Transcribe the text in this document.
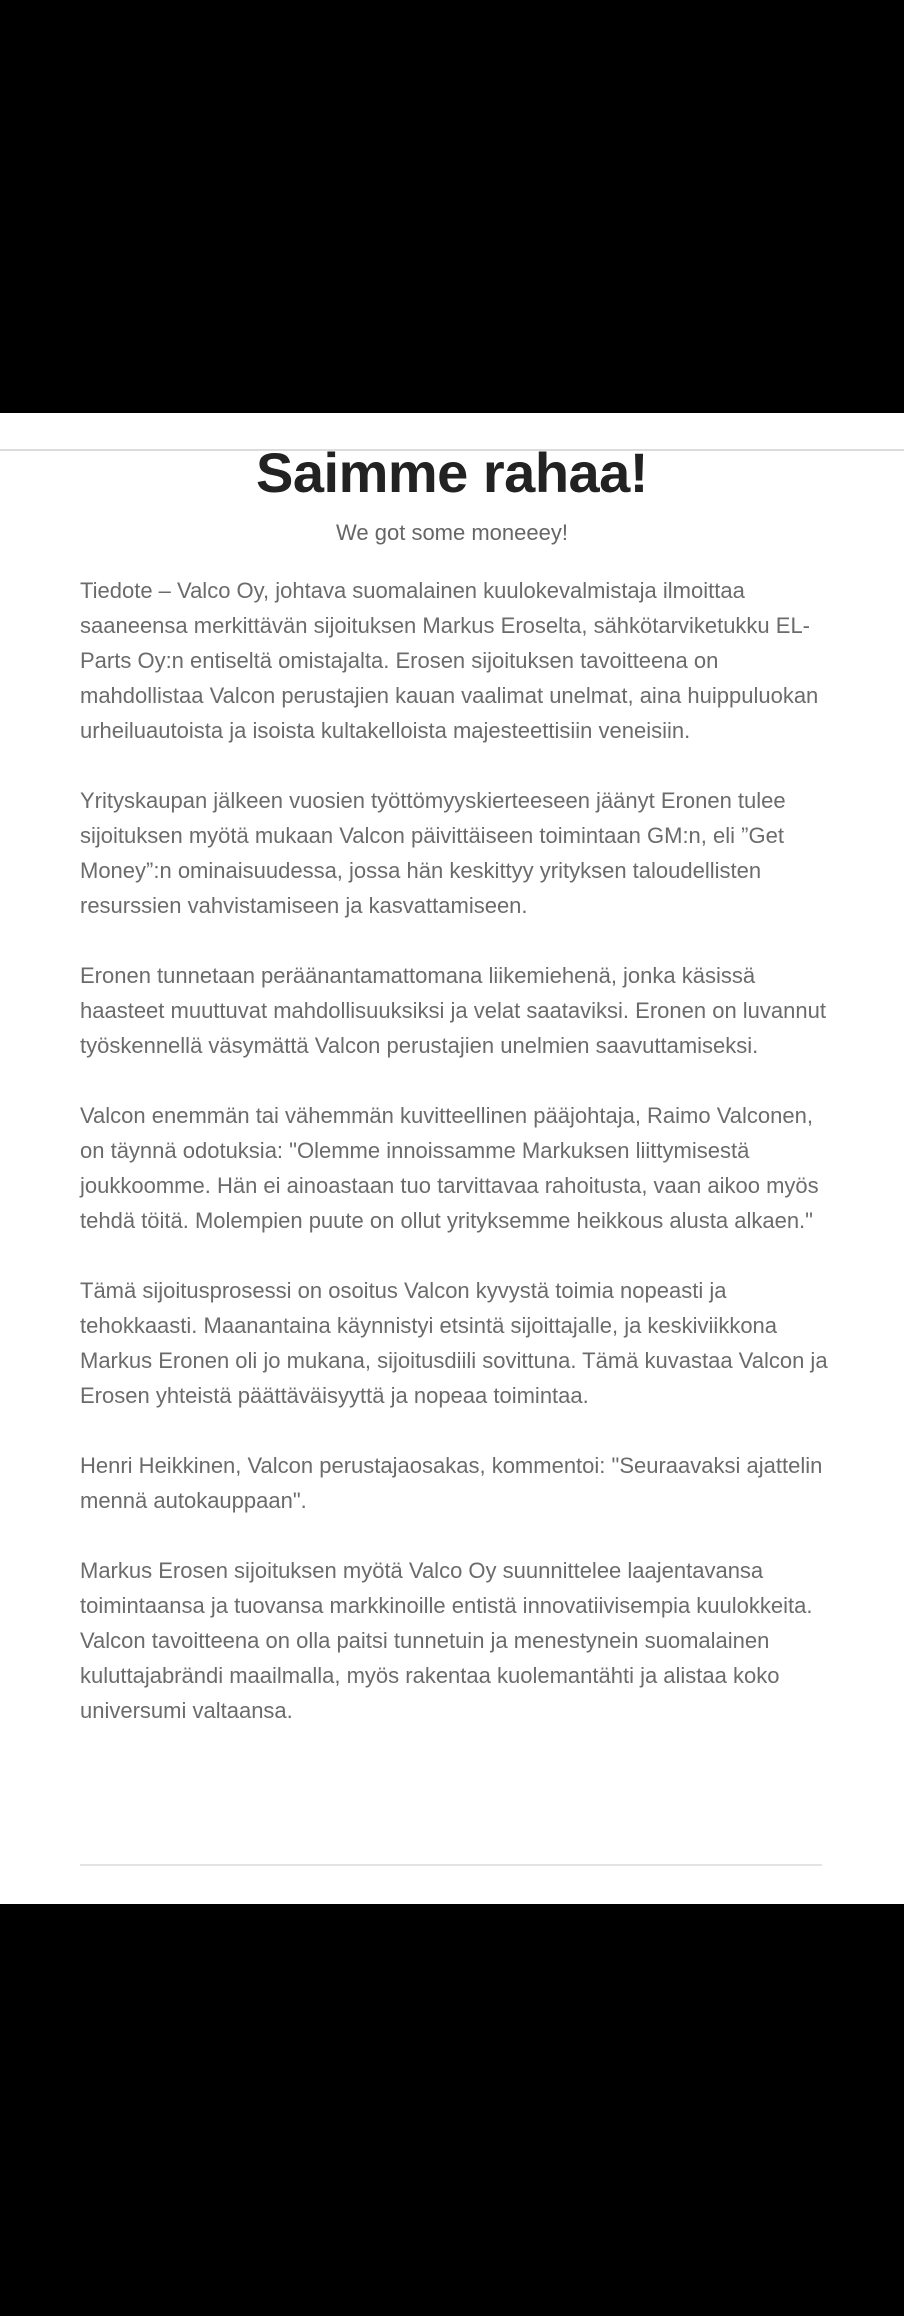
Saimme rahaa!
We got some moneeey!

Tiedote – Valco Oy, johtava suomalainen kuulokevalmistaja ilmoittaa saaneensa merkittävän sijoituksen Markus Eroselta, sähkötarviketukku EL-Parts Oy:n entiseltä omistajalta. Erosen sijoituksen tavoitteena on mahdollistaa Valcon perustajien kauan vaalimat unelmat, aina huippuluokan urheiluautoista ja isoista kultakelloista majesteettisiin veneisiin.

Yrityskaupan jälkeen vuosien työttömyyskierteeseen jäänyt Eronen tulee sijoituksen myötä mukaan Valcon päivittäiseen toimintaan GM:n, eli ”Get Money”:n ominaisuudessa, jossa hän keskittyy yrityksen taloudellisten resurssien vahvistamiseen ja kasvattamiseen.

Eronen tunnetaan peräänantamattomana liikemiehenä, jonka käsissä haasteet muuttuvat mahdollisuuksiksi ja velat saataviksi. Eronen on luvannut työskennellä väsymättä Valcon perustajien unelmien saavuttamiseksi.

Valcon enemmän tai vähemmän kuvitteellinen pääjohtaja, Raimo Valconen, on täynnä odotuksia: "Olemme innoissamme Markuksen liittymisestä joukkoomme. Hän ei ainoastaan tuo tarvittavaa rahoitusta, vaan aikoo myös tehdä töitä. Molempien puute on ollut yrityksemme heikkous alusta alkaen."

Tämä sijoitusprosessi on osoitus Valcon kyvystä toimia nopeasti ja tehokkaasti. Maanantaina käynnistyi etsintä sijoittajalle, ja keskiviikkona Markus Eronen oli jo mukana, sijoitusdiili sovittuna. Tämä kuvastaa Valcon ja Erosen yhteistä päättäväisyyttä ja nopeaa toimintaa.

Henri Heikkinen, Valcon perustajaosakas, kommentoi: "Seuraavaksi ajattelin mennä autokauppaan".

Markus Erosen sijoituksen myötä Valco Oy suunnittelee laajentavansa toimintaansa ja tuovansa markkinoille entistä innovatiivisempia kuulokkeita. Valcon tavoitteena on olla paitsi tunnetuin ja menestynein suomalainen kuluttajabrändi maailmalla, myös rakentaa kuolemantähti ja alistaa koko universumi valtaansa.
